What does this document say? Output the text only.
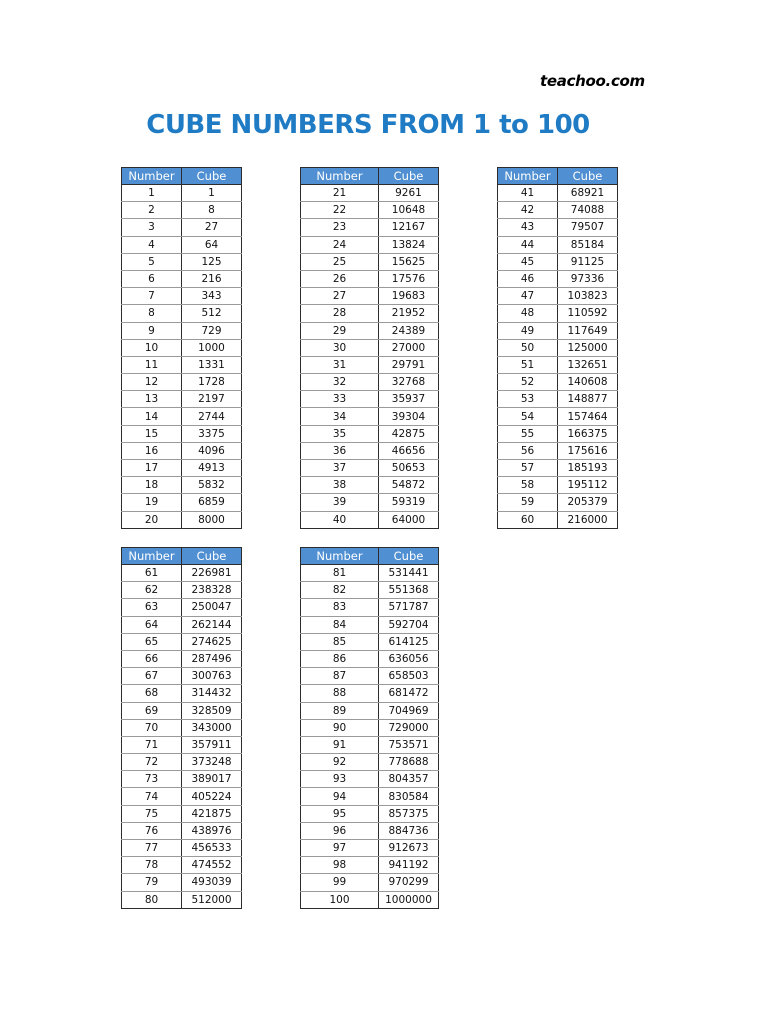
teachoo.com
CUBE NUMBERS FROM 1 to 100
Number	Cube
1	1
2	8
3	27
4	64
5	125
6	216
7	343
8	512
9	729
10	1000
11	1331
12	1728
13	2197
14	2744
15	3375
16	4096
17	4913
18	5832
19	6859
20	8000
Number	Cube
21	9261
22	10648
23	12167
24	13824
25	15625
26	17576
27	19683
28	21952
29	24389
30	27000
31	29791
32	32768
33	35937
34	39304
35	42875
36	46656
37	50653
38	54872
39	59319
40	64000
Number	Cube
41	68921
42	74088
43	79507
44	85184
45	91125
46	97336
47	103823
48	110592
49	117649
50	125000
51	132651
52	140608
53	148877
54	157464
55	166375
56	175616
57	185193
58	195112
59	205379
60	216000
Number	Cube
61	226981
62	238328
63	250047
64	262144
65	274625
66	287496
67	300763
68	314432
69	328509
70	343000
71	357911
72	373248
73	389017
74	405224
75	421875
76	438976
77	456533
78	474552
79	493039
80	512000
Number	Cube
81	531441
82	551368
83	571787
84	592704
85	614125
86	636056
87	658503
88	681472
89	704969
90	729000
91	753571
92	778688
93	804357
94	830584
95	857375
96	884736
97	912673
98	941192
99	970299
100	1000000
